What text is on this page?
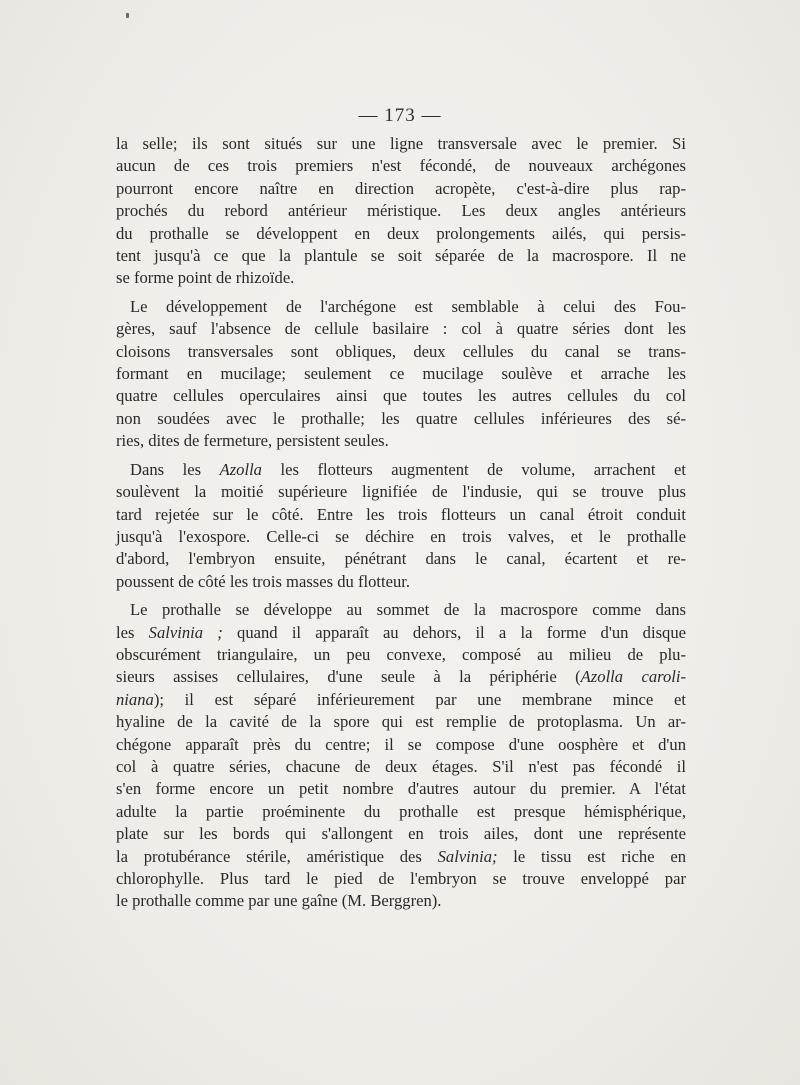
— 173 —
la selle; ils sont situés sur une ligne transversale avec le premier. Si
aucun de ces trois premiers n'est fécondé, de nouveaux archégones
pourront encore naître en direction acropète, c'est-à-dire plus rap-
prochés du rebord antérieur méristique. Les deux angles antérieurs
du prothalle se développent en deux prolongements ailés, qui persis-
tent jusqu'à ce que la plantule se soit séparée de la macrospore. Il ne
se forme point de rhizoïde.
Le développement de l'archégone est semblable à celui des Fou-
gères, sauf l'absence de cellule basilaire : col à quatre séries dont les
cloisons transversales sont obliques, deux cellules du canal se trans-
formant en mucilage; seulement ce mucilage soulève et arrache les
quatre cellules operculaires ainsi que toutes les autres cellules du col
non soudées avec le prothalle; les quatre cellules inférieures des sé-
ries, dites de fermeture, persistent seules.
Dans les Azolla les flotteurs augmentent de volume, arrachent et
soulèvent la moitié supérieure lignifiée de l'indusie, qui se trouve plus
tard rejetée sur le côté. Entre les trois flotteurs un canal étroit conduit
jusqu'à l'exospore. Celle-ci se déchire en trois valves, et le prothalle
d'abord, l'embryon ensuite, pénétrant dans le canal, écartent et re-
poussent de côté les trois masses du flotteur.
Le prothalle se développe au sommet de la macrospore comme dans
les Salvinia ; quand il apparaît au dehors, il a la forme d'un disque
obscurément triangulaire, un peu convexe, composé au milieu de plu-
sieurs assises cellulaires, d'une seule à la périphérie (Azolla caroli-
niana); il est séparé inférieurement par une membrane mince et
hyaline de la cavité de la spore qui est remplie de protoplasma. Un ar-
chégone apparaît près du centre; il se compose d'une oosphère et d'un
col à quatre séries, chacune de deux étages. S'il n'est pas fécondé il
s'en forme encore un petit nombre d'autres autour du premier. A l'état
adulte la partie proéminente du prothalle est presque hémisphérique,
plate sur les bords qui s'allongent en trois ailes, dont une représente
la protubérance stérile, améristique des Salvinia; le tissu est riche en
chlorophylle. Plus tard le pied de l'embryon se trouve enveloppé par
le prothalle comme par une gaîne (M. Berggren).
